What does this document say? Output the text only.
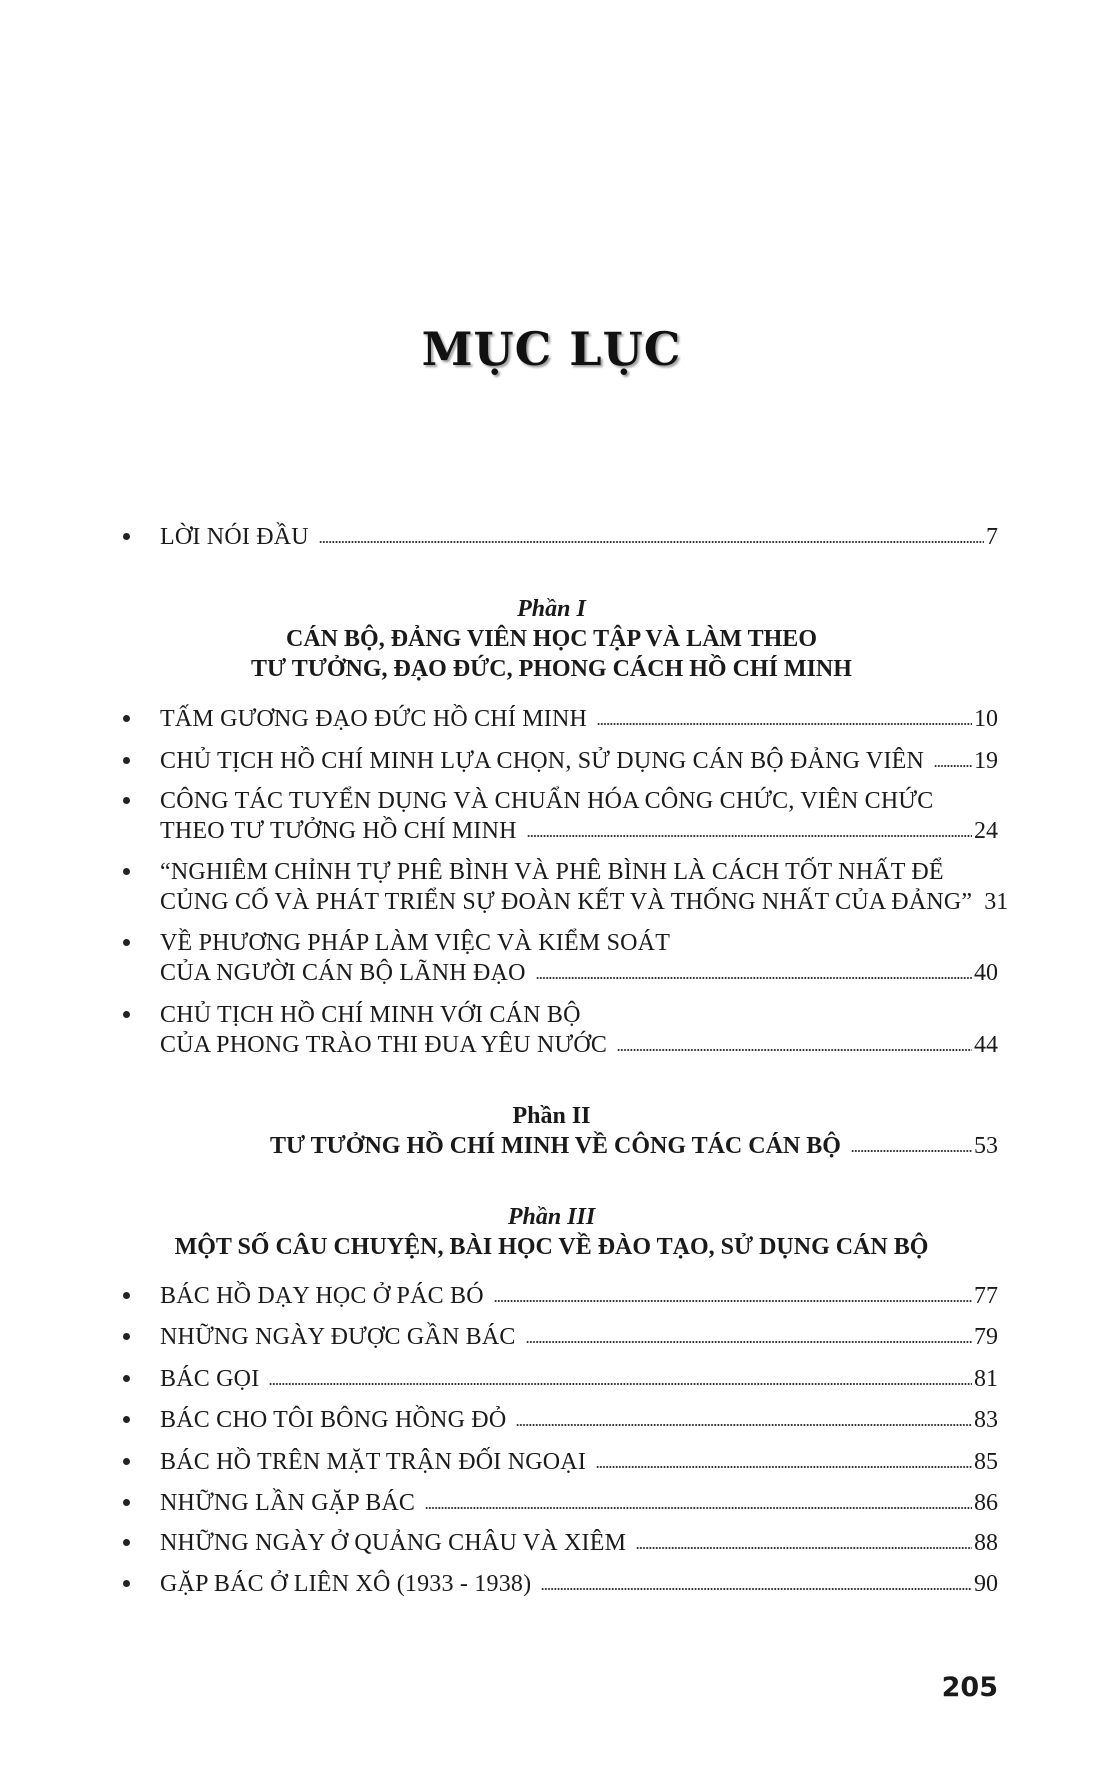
MỤC LỤC
LỜI NÓI ĐẦU	7
Phần I
CÁN BỘ, ĐẢNG VIÊN HỌC TẬP VÀ LÀM THEO
TƯ TƯỞNG, ĐẠO ĐỨC, PHONG CÁCH HỒ CHÍ MINH
TẤM GƯƠNG ĐẠO ĐỨC HỒ CHÍ MINH	10
CHỦ TỊCH HỒ CHÍ MINH LỰA CHỌN, SỬ DỤNG CÁN BỘ ĐẢNG VIÊN 19
CÔNG TÁC TUYỂN DỤNG VÀ CHUẨN HÓA CÔNG CHỨC, VIÊN CHỨC
THEO TƯ TƯỞNG HỒ CHÍ MINH	24
“NGHIÊM CHỈNH TỰ PHÊ BÌNH VÀ PHÊ BÌNH LÀ CÁCH TỐT NHẤT ĐỂ
CỦNG CỐ VÀ PHÁT TRIỂN SỰ ĐOÀN KẾT VÀ THỐNG NHẤT CỦA ĐẢNG” 31
VỀ PHƯƠNG PHÁP LÀM VIỆC VÀ KIỂM SOÁT
CỦA NGƯỜI CÁN BỘ LÃNH ĐẠO	40
CHỦ TỊCH HỒ CHÍ MINH VỚI CÁN BỘ
CỦA PHONG TRÀO THI ĐUA YÊU NƯỚC	44
Phần II
TƯ TƯỞNG HỒ CHÍ MINH VỀ CÔNG TÁC CÁN BỘ	53
Phần III
MỘT SỐ CÂU CHUYỆN, BÀI HỌC VỀ ĐÀO TẠO, SỬ DỤNG CÁN BỘ
BÁC HỒ DẠY HỌC Ở PÁC BÓ	77
NHỮNG NGÀY ĐƯỢC GẦN BÁC	79
BÁC GỌI	81
BÁC CHO TÔI BÔNG HỒNG ĐỎ	83
BÁC HỒ TRÊN MẶT TRẬN ĐỐI NGOẠI	85
NHỮNG LẦN GẶP BÁC	86
NHỮNG NGÀY Ở QUẢNG CHÂU VÀ XIÊM	88
GẶP BÁC Ở LIÊN XÔ (1933 - 1938)	90
205
